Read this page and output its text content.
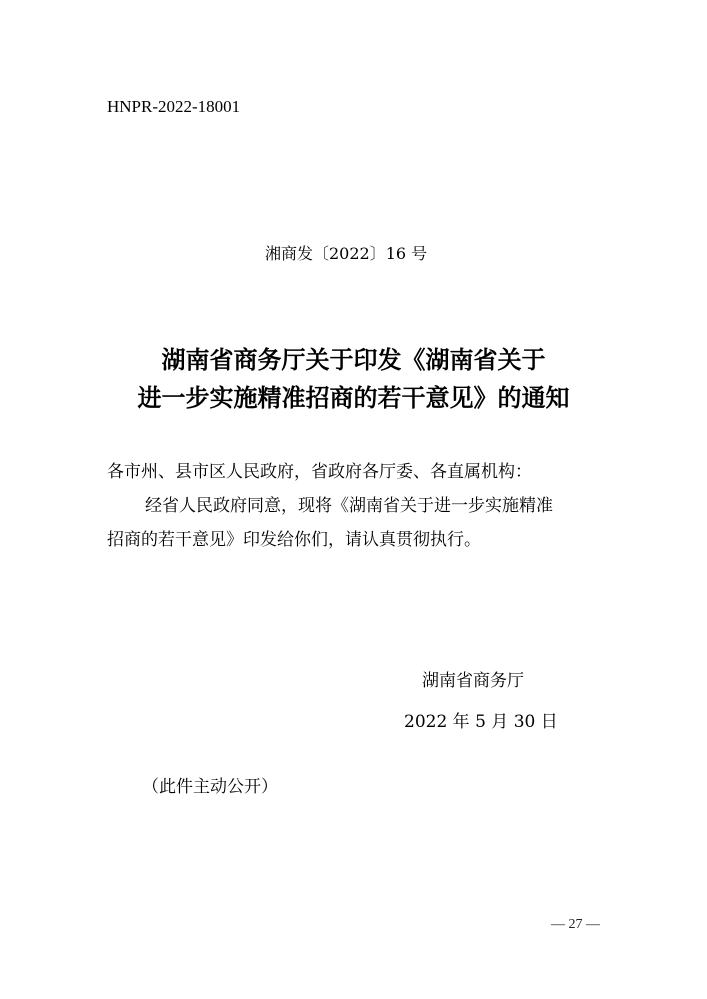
HNPR-2022-18001
湘商发〔2022〕16 号
湖南省商务厅关于印发《湖南省关于
进一步实施精准招商的若干意见》的通知
各市州、县市区人民政府，省政府各厅委、各直属机构：
经省人民政府同意，现将《湖南省关于进一步实施精准
招商的若干意见》印发给你们，请认真贯彻执行。
湖南省商务厅
2022 年 5 月 30 日
（此件主动公开）
— 27 —
